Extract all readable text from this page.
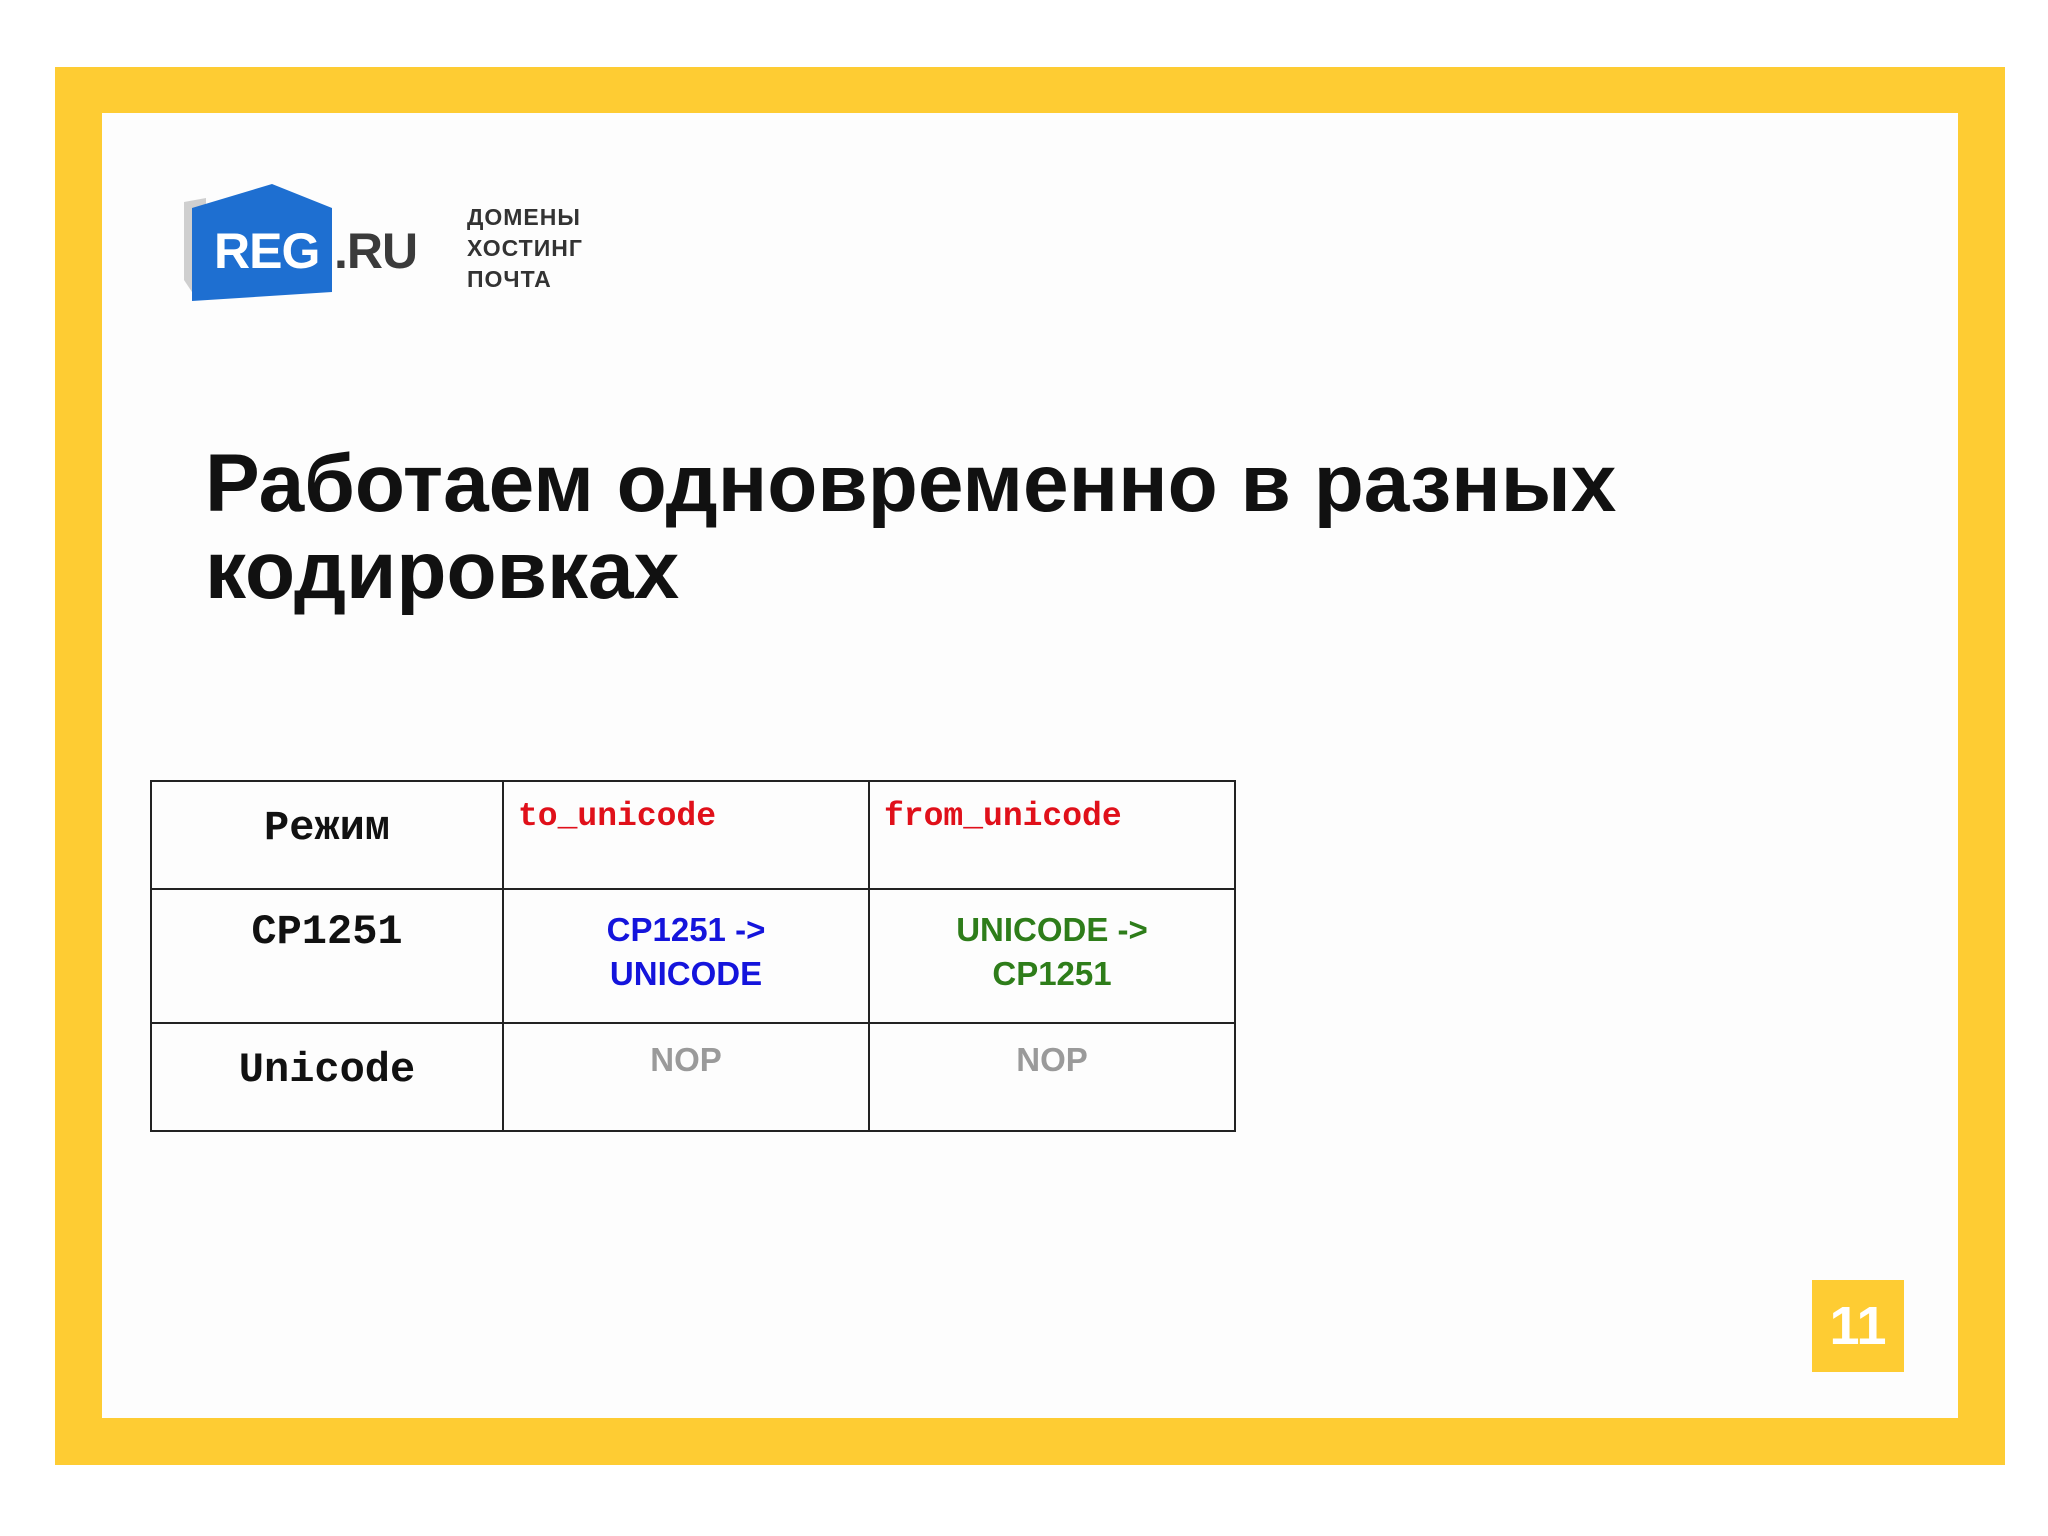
REG .RU
ДОМЕНЫ
ХОСТИНГ
ПОЧТА
Работаем одновременно в разных кодировках
Режим	to_unicode	from_unicode
CP1251	CP1251 -> UNICODE	UNICODE -> CP1251
Unicode	NOP	NOP
11
